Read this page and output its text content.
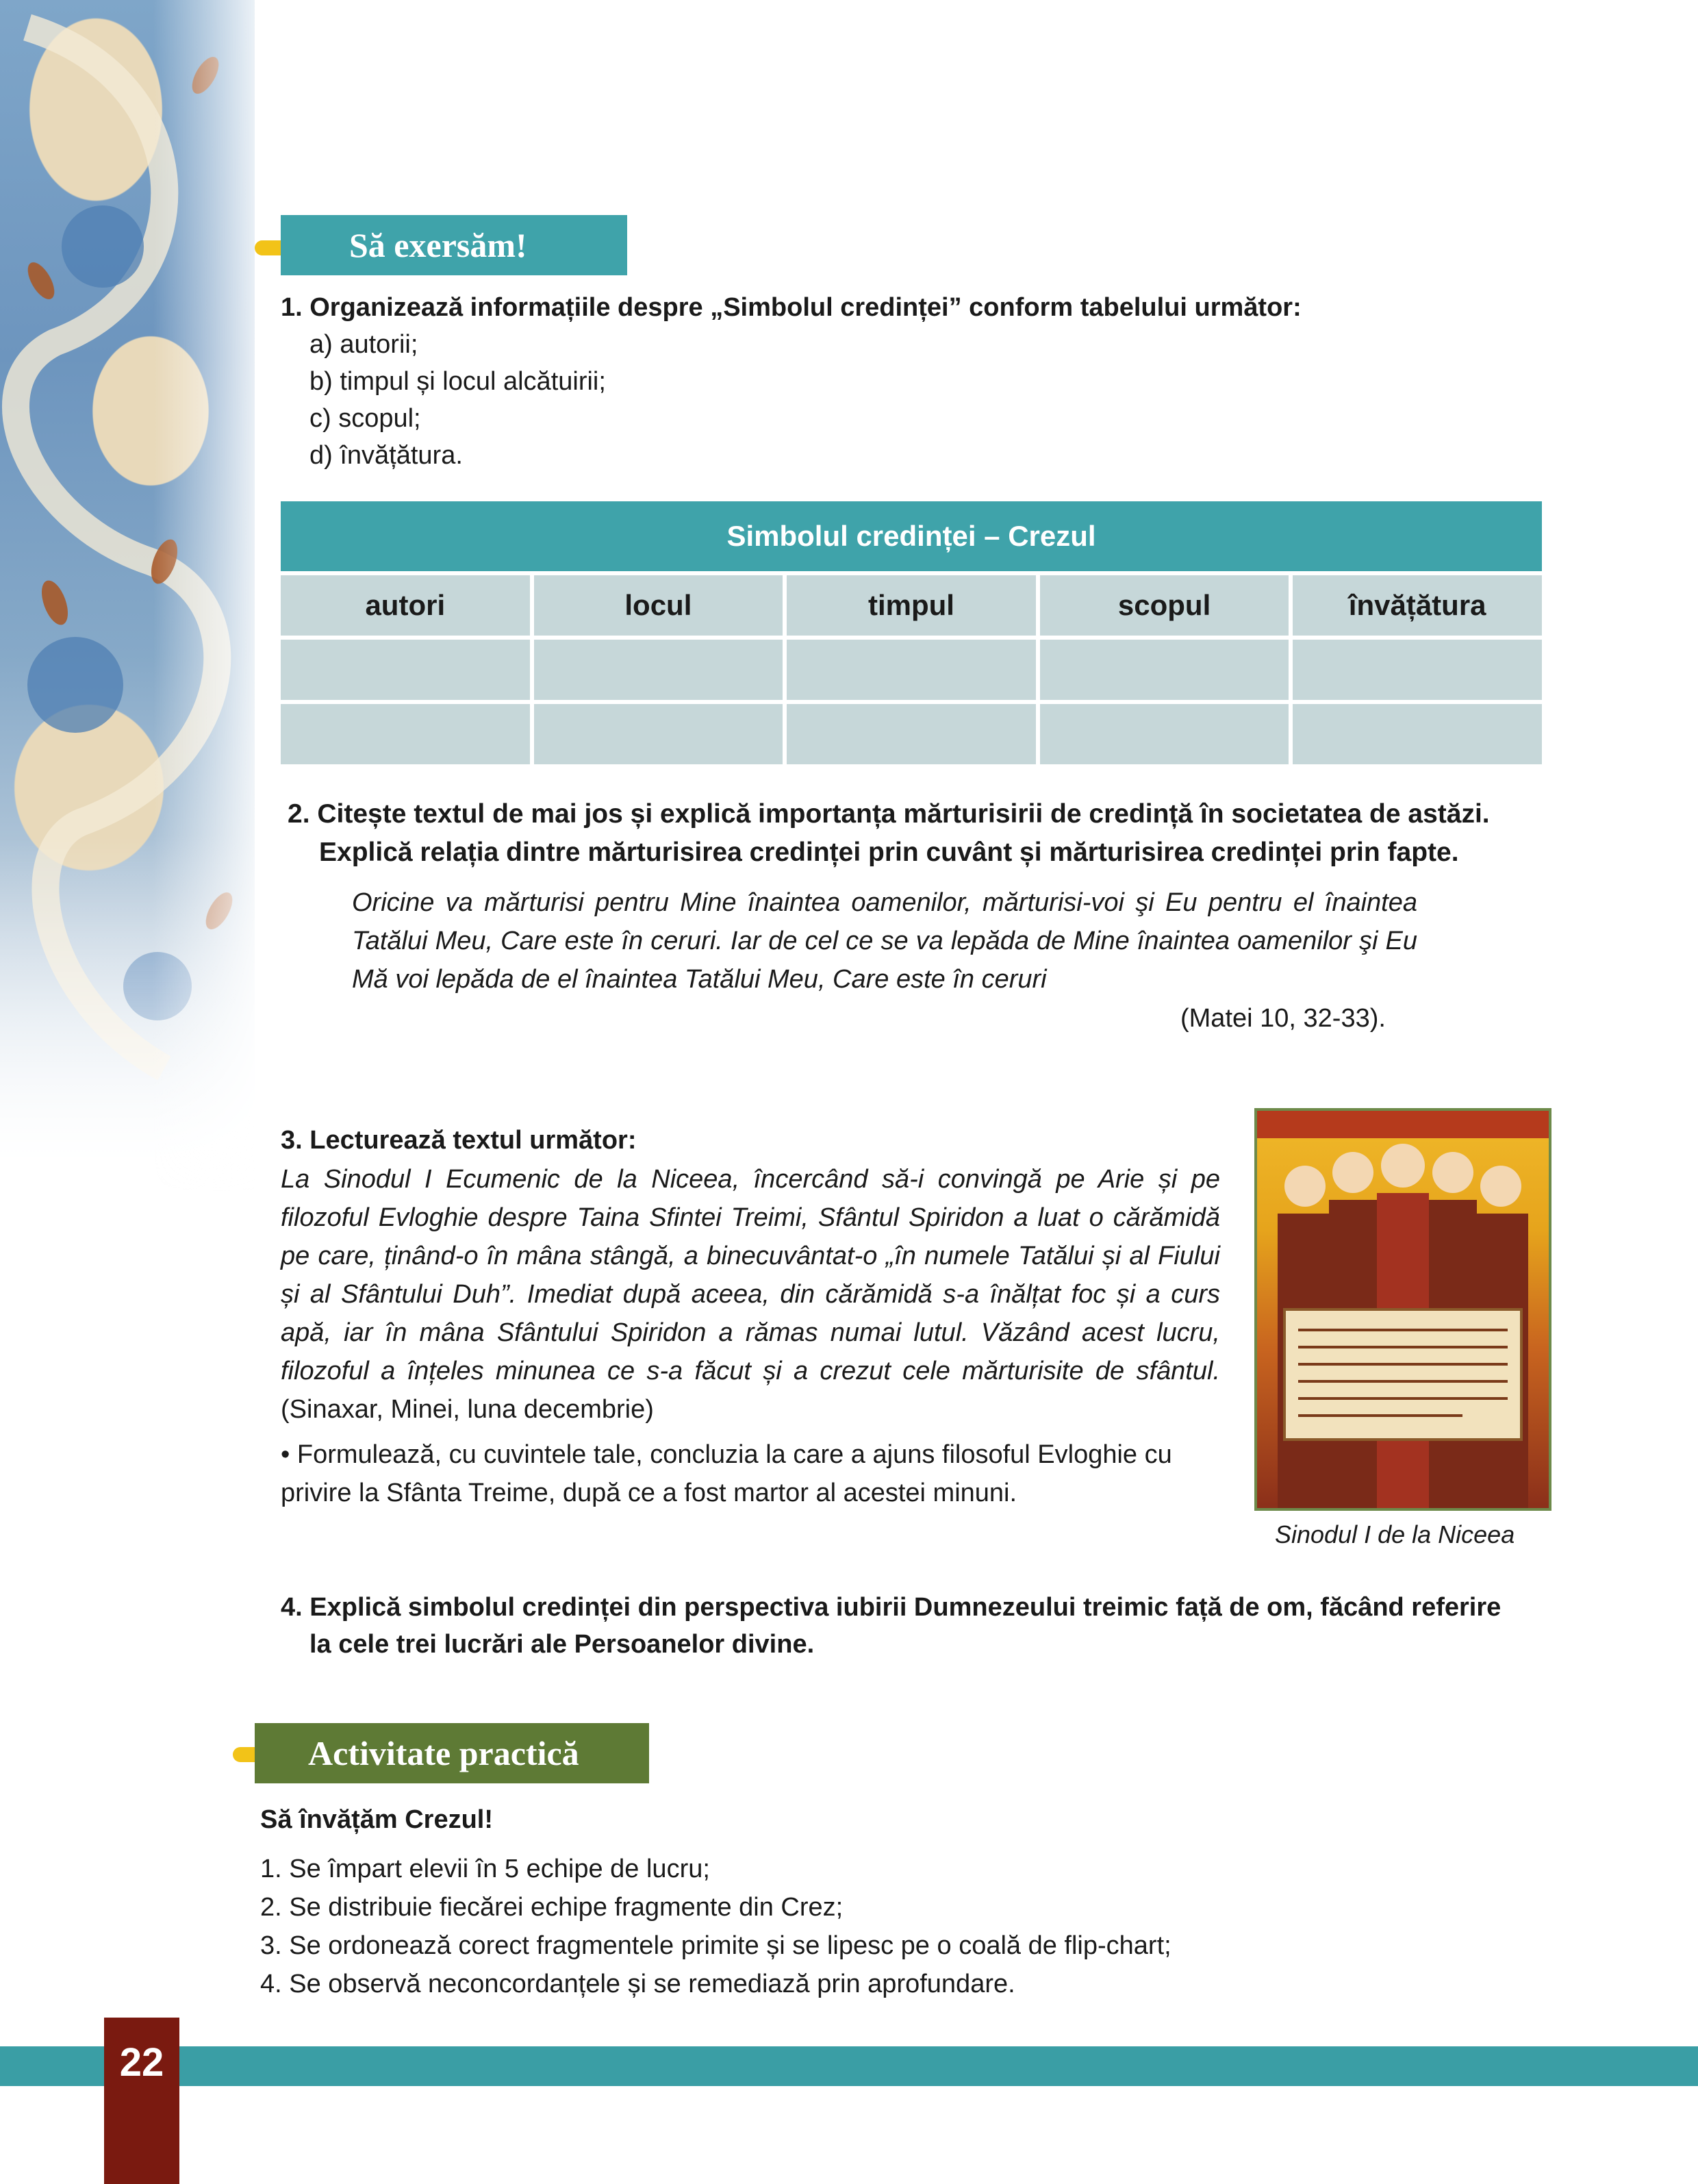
Să exersăm!
1. Organizează informațiile despre „Simbolul credinței” conform tabelului următor:
a) autorii;
b) timpul și locul alcătuirii;
c) scopul;
d) învățătura.
Simbolul credinței – Crezul
autori	locul	timpul	scopul	învățătura
2. Citește textul de mai jos și explică importanța mărturisirii de credință în societatea de astăzi.
Explică relația dintre mărturisirea credinței prin cuvânt și mărturisirea credinței prin fapte.
Oricine va mărturisi pentru Mine înaintea oamenilor, mărturisi-voi şi Eu pentru el înaintea Tatălui Meu, Care este în ceruri. Iar de cel ce se va lepăda de Mine înaintea oamenilor şi Eu Mă voi lepăda de el înaintea Tatălui Meu, Care este în ceruri
(Matei 10, 32-33).
3. Lecturează textul următor:
La Sinodul I Ecumenic de la Niceea, încercând să-i convingă pe Arie și pe filozoful Evloghie despre Taina Sfintei Treimi, Sfântul Spiridon a luat o cărămidă pe care, ținând-o în mâna stângă, a binecuvântat-o „în numele Tatălui și al Fiului și al Sfântului Duh”. Imediat după aceea, din cărămidă s-a înălțat foc și a curs apă, iar în mâna Sfântului Spiridon a rămas numai lutul. Văzând acest lucru, filozoful a înțeles minunea ce s-a făcut și a crezut cele mărturisite de sfântul. (Sinaxar, Minei, luna decembrie)
• Formulează, cu cuvintele tale, concluzia la care a ajuns filosoful Evloghie cu privire la Sfânta Treime, după ce a fost martor al acestei minuni.
Sinodul I de la Niceea
4. Explică simbolul credinței din perspectiva iubirii Dumnezeului treimic față de om, făcând referire
la cele trei lucrări ale Persoanelor divine.
Activitate practică
Să învățăm Crezul!
1. Se împart elevii în 5 echipe de lucru;
2. Se distribuie fiecărei echipe fragmente din Crez;
3. Se ordonează corect fragmentele primite și se lipesc pe o coală de flip-chart;
4. Se observă neconcordanțele și se remediază prin aprofundare.
22
